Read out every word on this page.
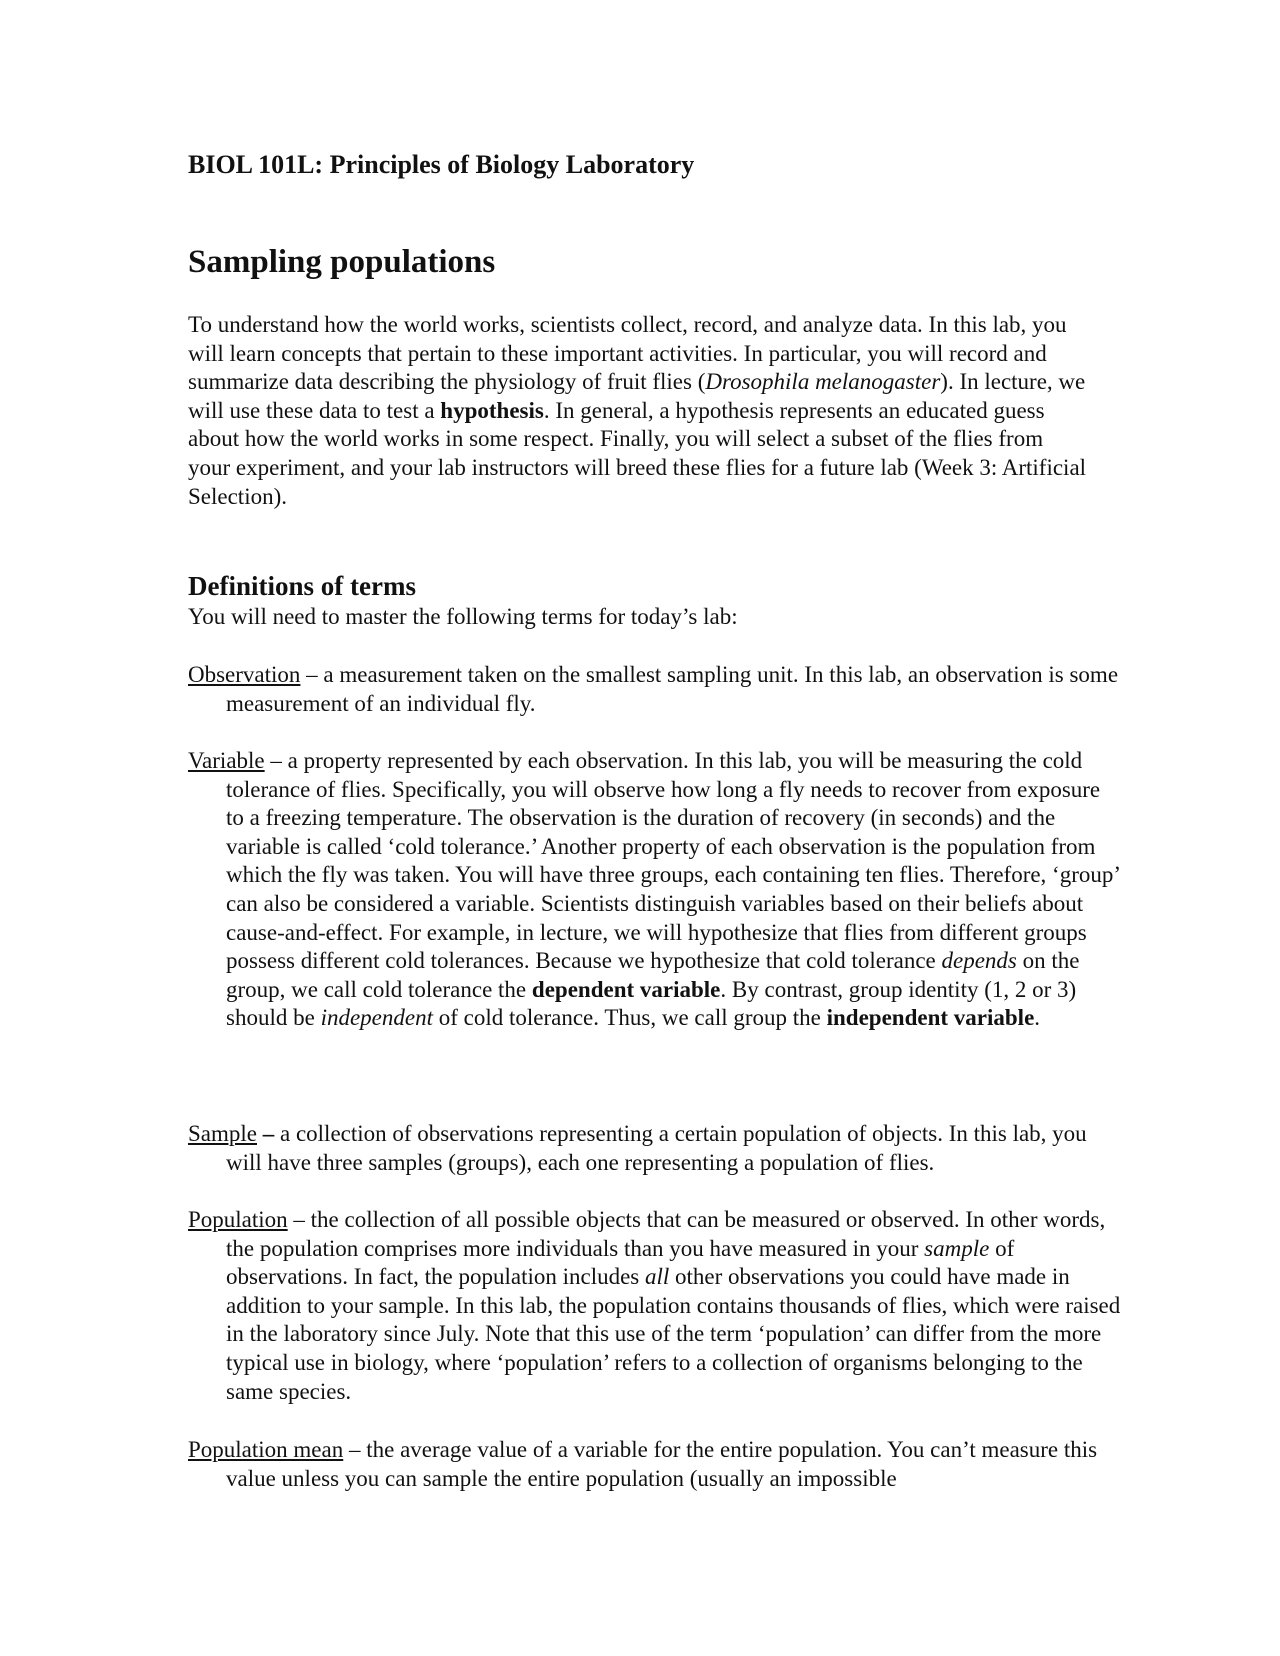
BIOL 101L: Principles of Biology Laboratory
Sampling populations

To understand how the world works, scientists collect, record, and analyze data. In this lab, you will learn concepts that pertain to these important activities. In particular, you will record and summarize data describing the physiology of fruit flies (Drosophila melanogaster). In lecture, we will use these data to test a hypothesis. In general, a hypothesis represents an educated guess about how the world works in some respect. Finally, you will select a subset of the flies from your experiment, and your lab instructors will breed these flies for a future lab (Week 3: Artificial Selection).

Definitions of terms

You will need to master the following terms for today’s lab:

Observation – a measurement taken on the smallest sampling unit. In this lab, an observation is some measurement of an individual fly.

Variable – a property represented by each observation. In this lab, you will be measuring the cold tolerance of flies. Specifically, you will observe how long a fly needs to recover from exposure to a freezing temperature. The observation is the duration of recovery (in seconds) and the variable is called ‘cold tolerance.’ Another property of each observation is the population from which the fly was taken. You will have three groups, each containing ten flies. Therefore, ‘group’ can also be considered a variable. Scientists distinguish variables based on their beliefs about cause-and-effect. For example, in lecture, we will hypothesize that flies from different groups possess different cold tolerances. Because we hypothesize that cold tolerance depends on the group, we call cold tolerance the dependent variable. By contrast, group identity (1, 2 or 3) should be independent of cold tolerance. Thus, we call group the independent variable.

Sample – a collection of observations representing a certain population of objects. In this lab, you will have three samples (groups), each one representing a population of flies.

Population – the collection of all possible objects that can be measured or observed. In other words, the population comprises more individuals than you have measured in your sample of observations. In fact, the population includes all other observations you could have made in addition to your sample. In this lab, the population contains thousands of flies, which were raised in the laboratory since July. Note that this use of the term ‘population’ can differ from the more typical use in biology, where ‘population’ refers to a collection of organisms belonging to the same species.

Population mean – the average value of a variable for the entire population. You can’t measure this value unless you can sample the entire population (usually an impossible
